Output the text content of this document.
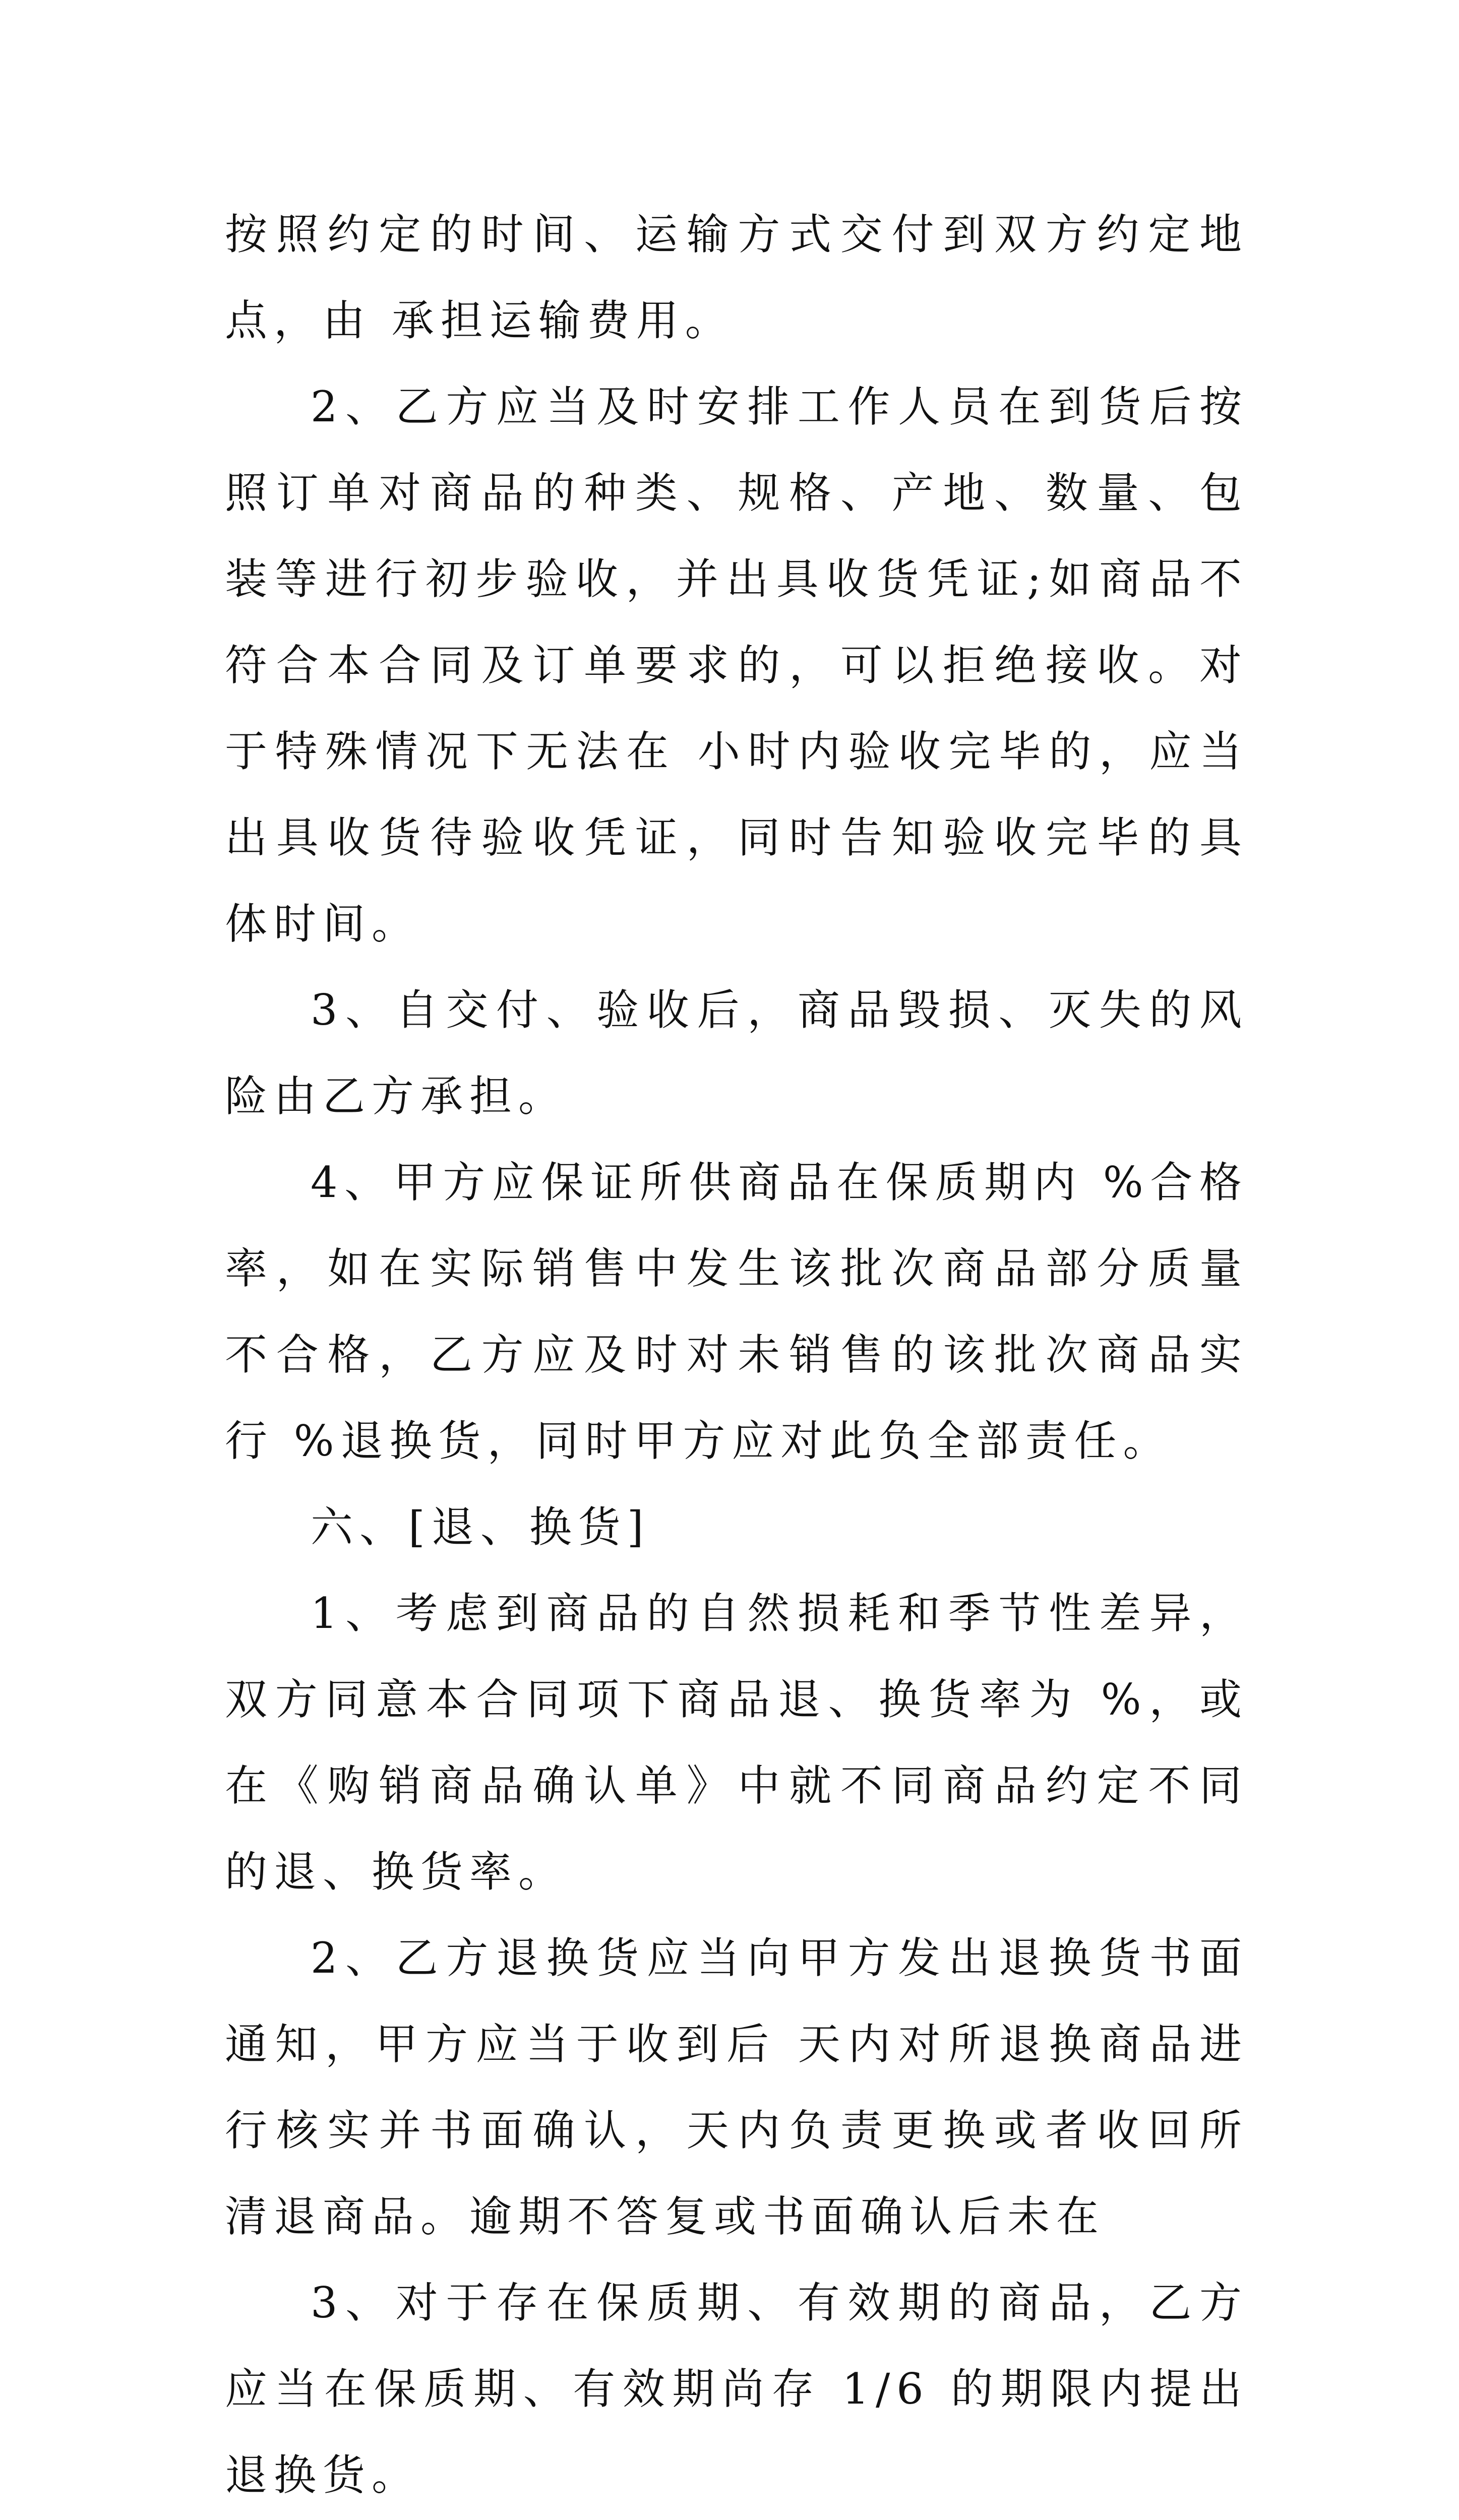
按照约定的时间、运输方式交付到双方约定地点，由 承担运输费用。

2、乙方应当及时安排工作人员在到货后按照订单对商品的种类、规格、产地、数量、包装等进行初步验收，并出具收货凭证;如商品不符合本合同及订单要求的，可以拒绝接收。对于特殊情况下无法在 小时内验收完毕的，应当出具收货待验收凭证，同时告知验收完毕的具体时间。

3、自交付、验收后，商品毁损、灭失的风险由乙方承担。

4、甲方应保证所供商品在保质期内 %合格率，如在实际销售中发生该批次商品部分质量不合格，乙方应及时对未销售的该批次商品实行 %退换货，同时甲方应对此负全部责任。

六、[退、换货]

1、考虑到商品的自然损耗和季节性差异，双方同意本合同项下商品退、换货率为 %，或在《购销商品确认单》中就不同商品约定不同的退、换货率。

2、乙方退换货应当向甲方发出退换货书面通知，甲方应当于收到后 天内对所退换商品进行核实并书面确认，天内负责更换或者收回所清退商品。逾期不答复或书面确认后未在

3、对于存在保质期、有效期的商品，乙方应当在保质期、有效期尚存 1/6 的期限内提出退换货。
